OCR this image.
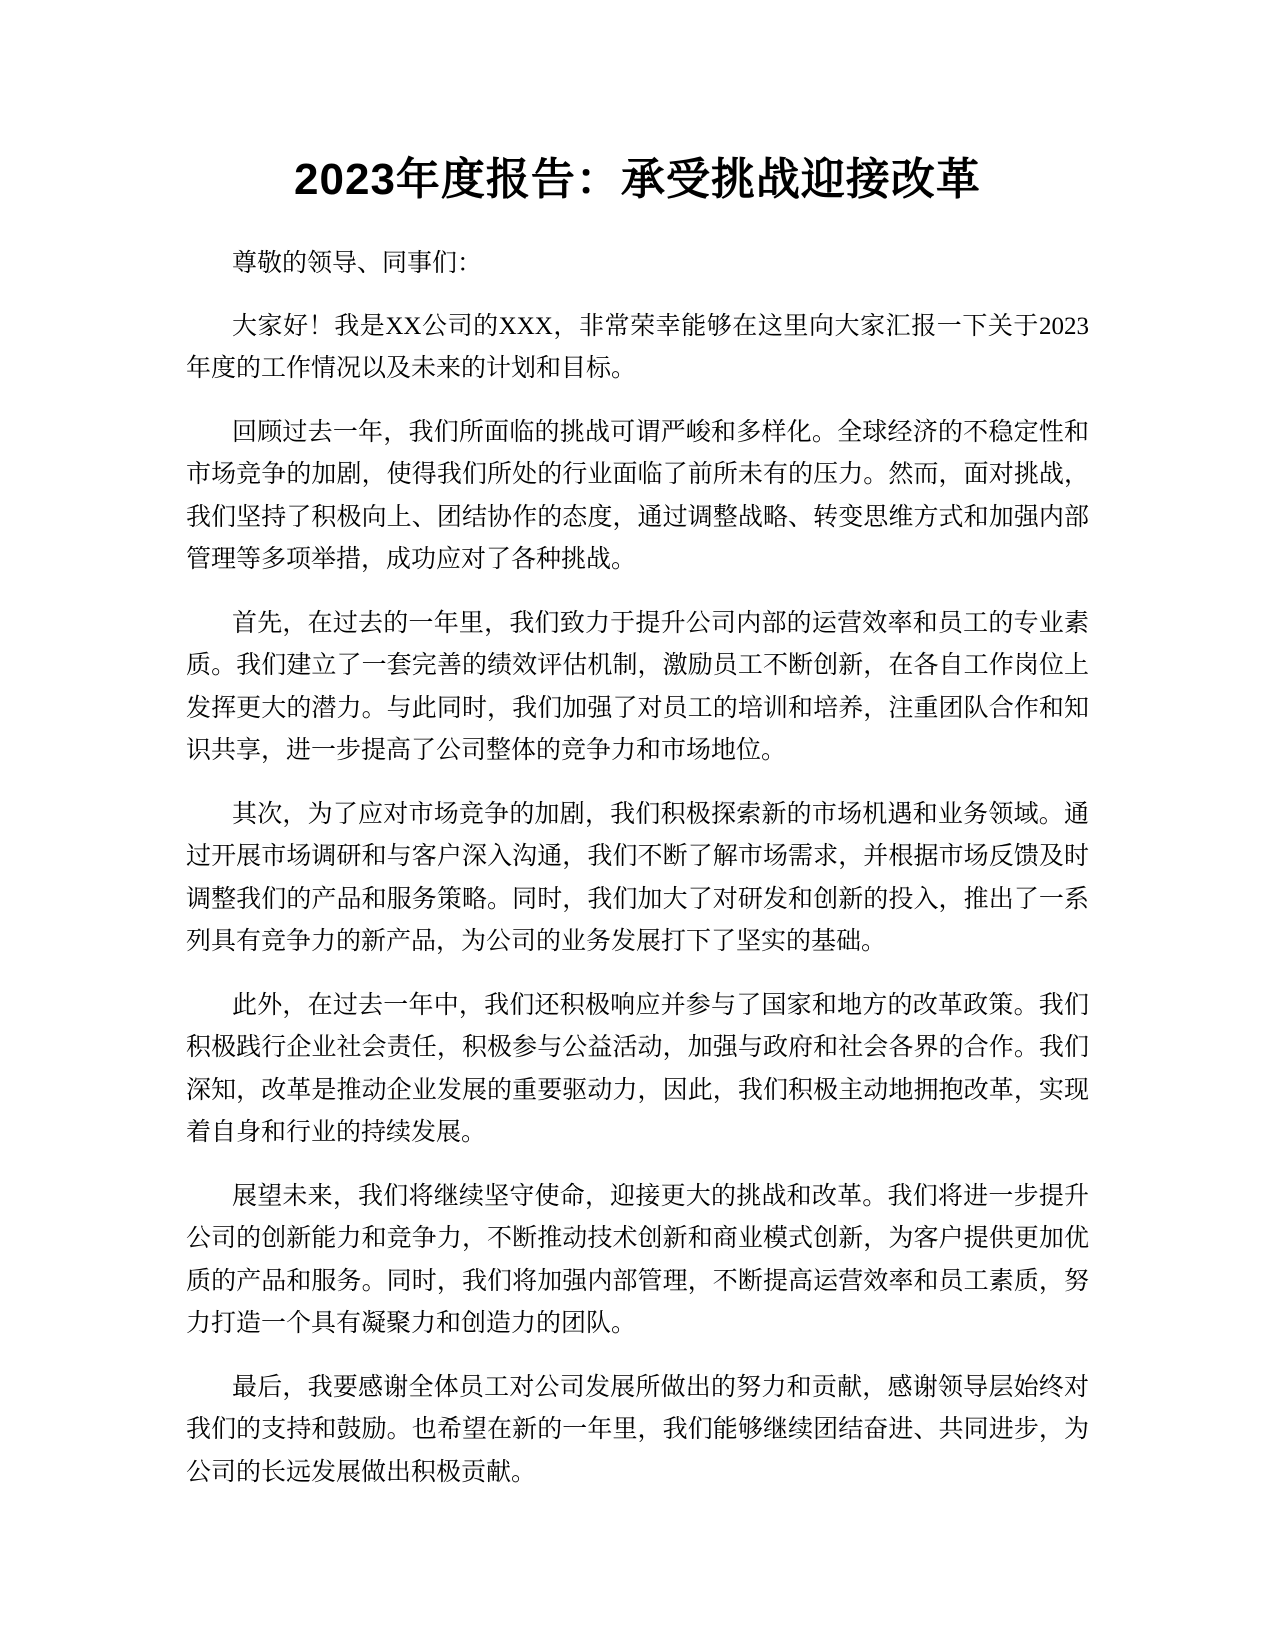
2023年度报告：承受挑战迎接改革

尊敬的领导、同事们：

大家好！我是XX公司的XXX，非常荣幸能够在这里向大家汇报一下关于2023年度的工作情况以及未来的计划和目标。

回顾过去一年，我们所面临的挑战可谓严峻和多样化。全球经济的不稳定性和市场竞争的加剧，使得我们所处的行业面临了前所未有的压力。然而，面对挑战，我们坚持了积极向上、团结协作的态度，通过调整战略、转变思维方式和加强内部管理等多项举措，成功应对了各种挑战。

首先，在过去的一年里，我们致力于提升公司内部的运营效率和员工的专业素质。我们建立了一套完善的绩效评估机制，激励员工不断创新，在各自工作岗位上发挥更大的潜力。与此同时，我们加强了对员工的培训和培养，注重团队合作和知识共享，进一步提高了公司整体的竞争力和市场地位。

其次，为了应对市场竞争的加剧，我们积极探索新的市场机遇和业务领域。通过开展市场调研和与客户深入沟通，我们不断了解市场需求，并根据市场反馈及时调整我们的产品和服务策略。同时，我们加大了对研发和创新的投入，推出了一系列具有竞争力的新产品，为公司的业务发展打下了坚实的基础。

此外，在过去一年中，我们还积极响应并参与了国家和地方的改革政策。我们积极践行企业社会责任，积极参与公益活动，加强与政府和社会各界的合作。我们深知，改革是推动企业发展的重要驱动力，因此，我们积极主动地拥抱改革，实现着自身和行业的持续发展。

展望未来，我们将继续坚守使命，迎接更大的挑战和改革。我们将进一步提升公司的创新能力和竞争力，不断推动技术创新和商业模式创新，为客户提供更加优质的产品和服务。同时，我们将加强内部管理，不断提高运营效率和员工素质，努力打造一个具有凝聚力和创造力的团队。

最后，我要感谢全体员工对公司发展所做出的努力和贡献，感谢领导层始终对我们的支持和鼓励。也希望在新的一年里，我们能够继续团结奋进、共同进步，为公司的长远发展做出积极贡献。
